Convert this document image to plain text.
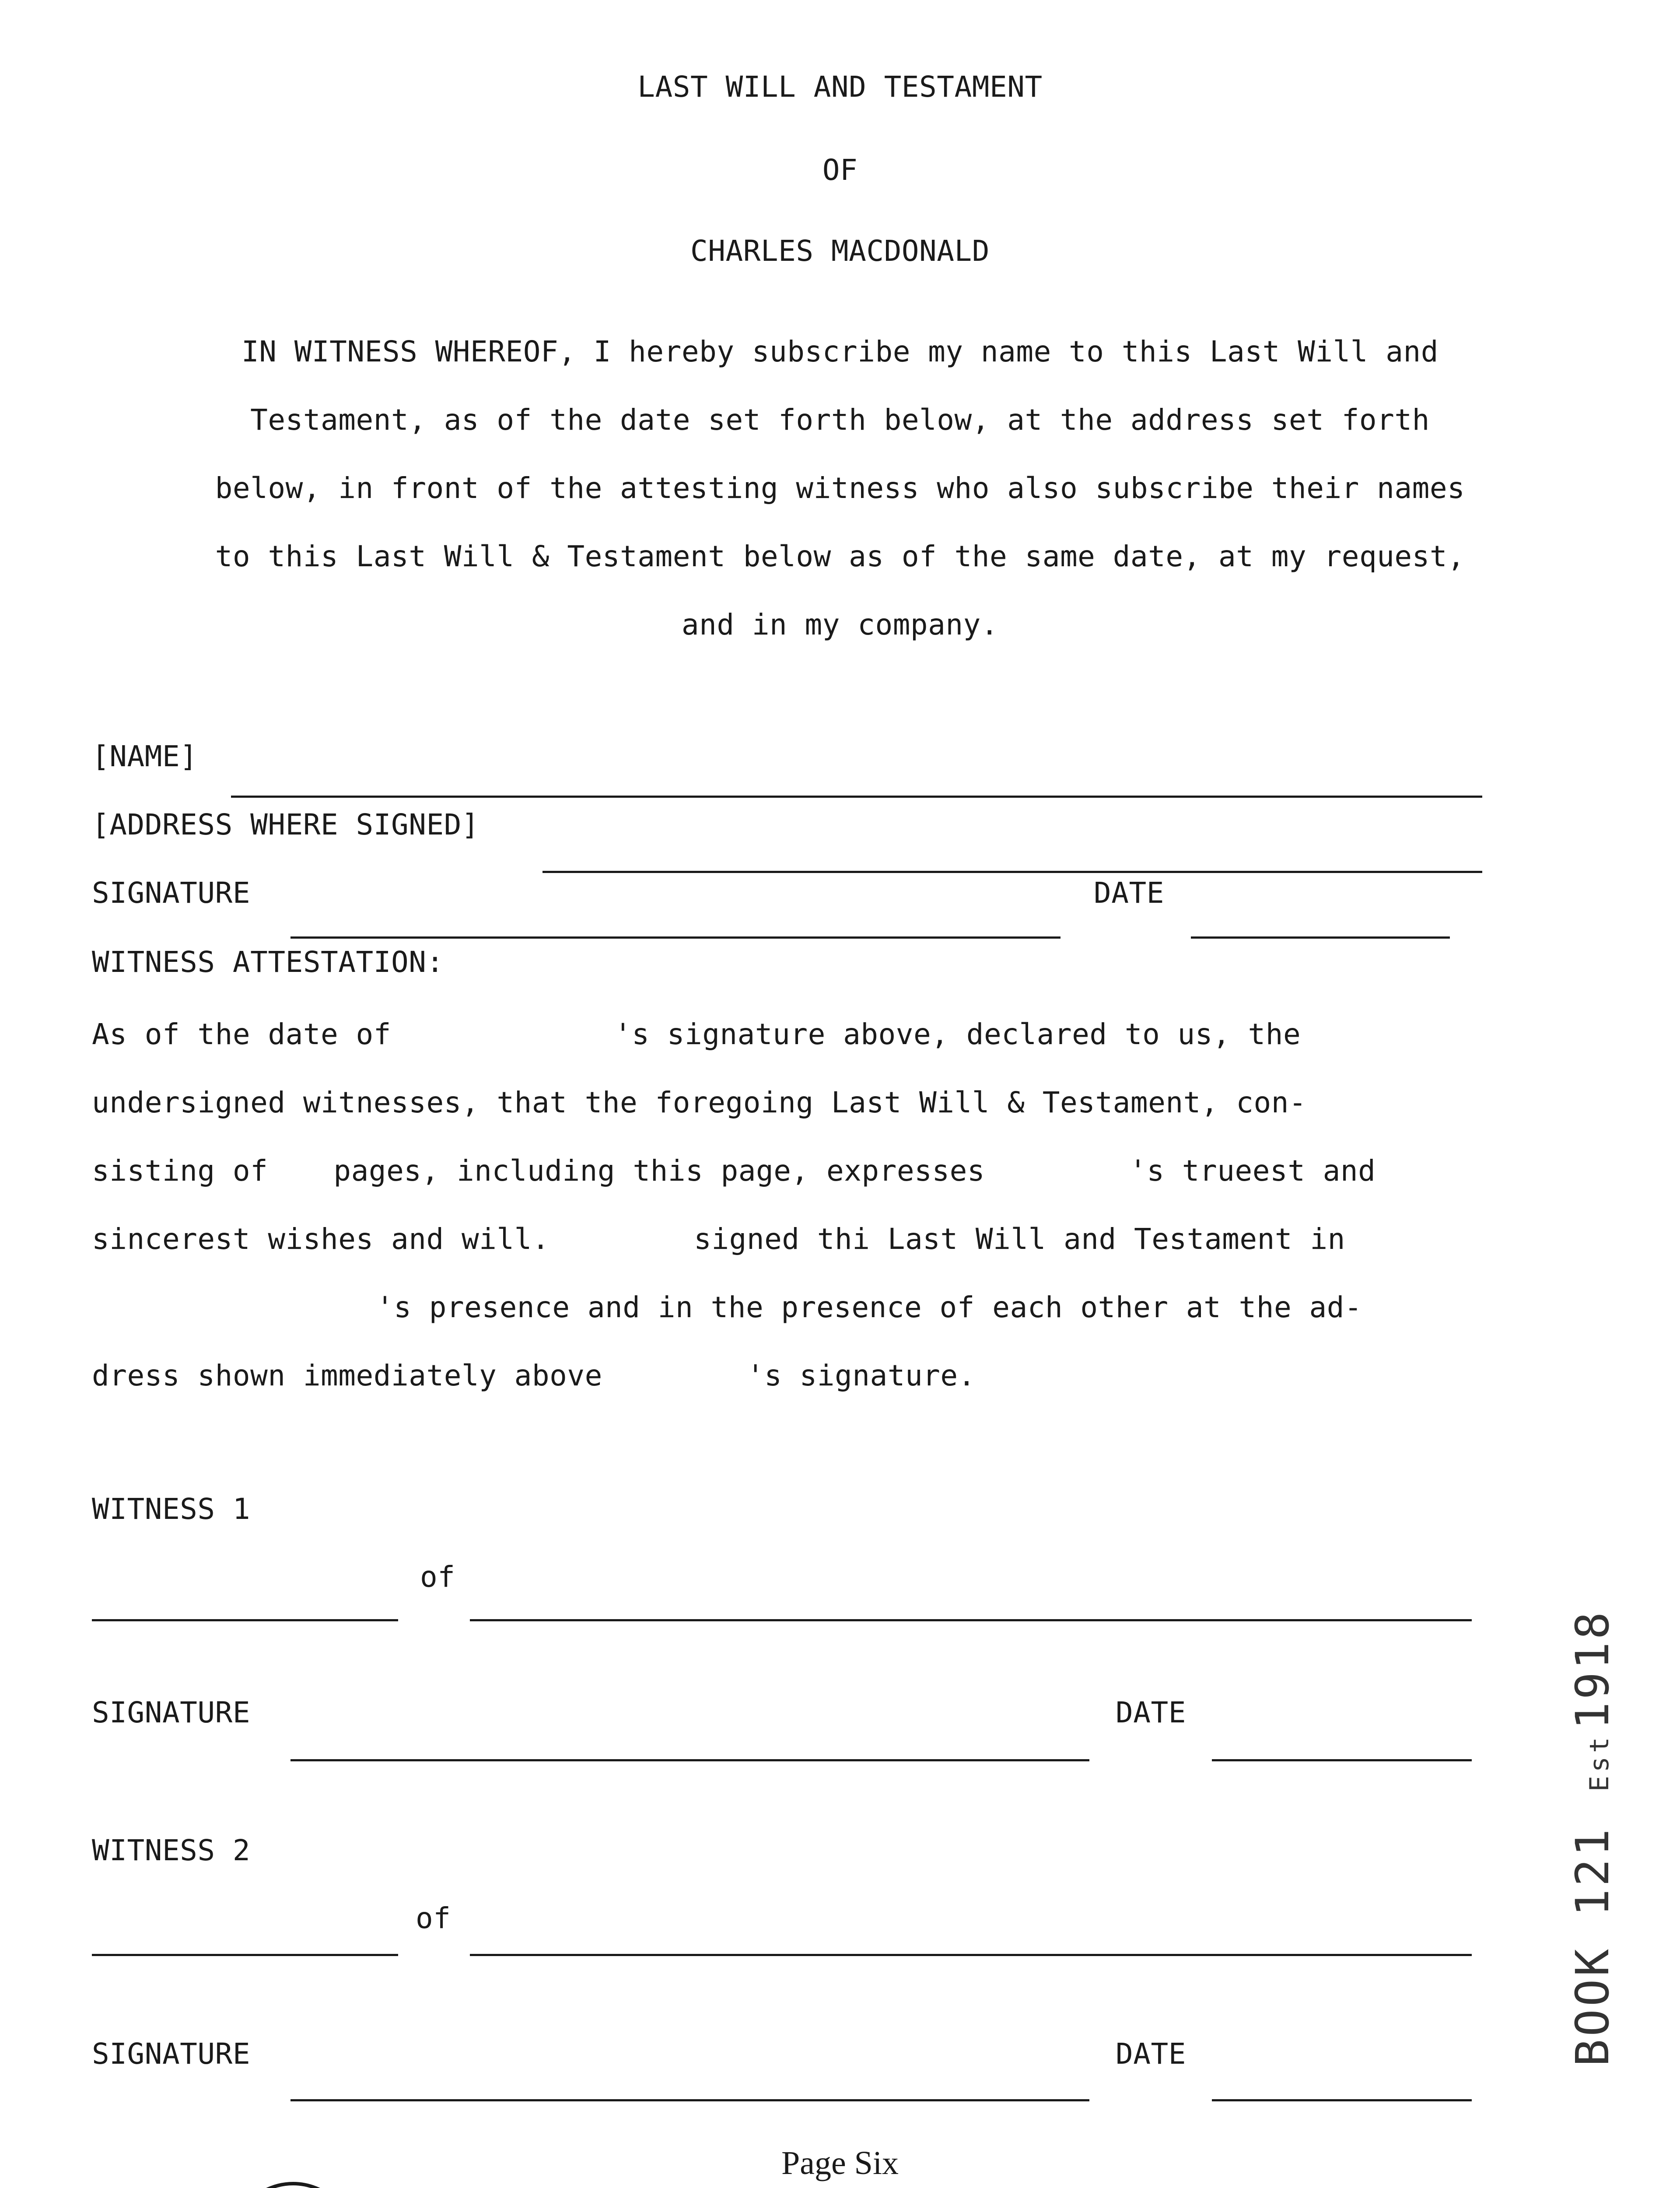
LAST WILL AND TESTAMENT
OF
CHARLES MACDONALD
IN WITNESS WHEREOF, I hereby subscribe my name to this Last Will and
Testament, as of the date set forth below, at the address set forth
below, in front of the attesting witness who also subscribe their names
to this Last Will & Testament below as of the same date, at my request,
and in my company.
[NAME]
[ADDRESS WHERE SIGNED]
SIGNATURE	DATE
WITNESS ATTESTATION:
As of the date of	's signature above, declared to us, the
undersigned witnesses, that the foregoing Last Will & Testament, con-
sisting of pages, including this page, expresses	's trueest and
sincerest wishes and will.	signed thi Last Will and Testament in
's presence and in the presence of each other at the ad-
dress shown immediately above	's signature.
WITNESS 1
of
SIGNATURE	DATE
WITNESS 2
of
SIGNATURE	DATE	BOOK 121  Est 1918
Page Six
